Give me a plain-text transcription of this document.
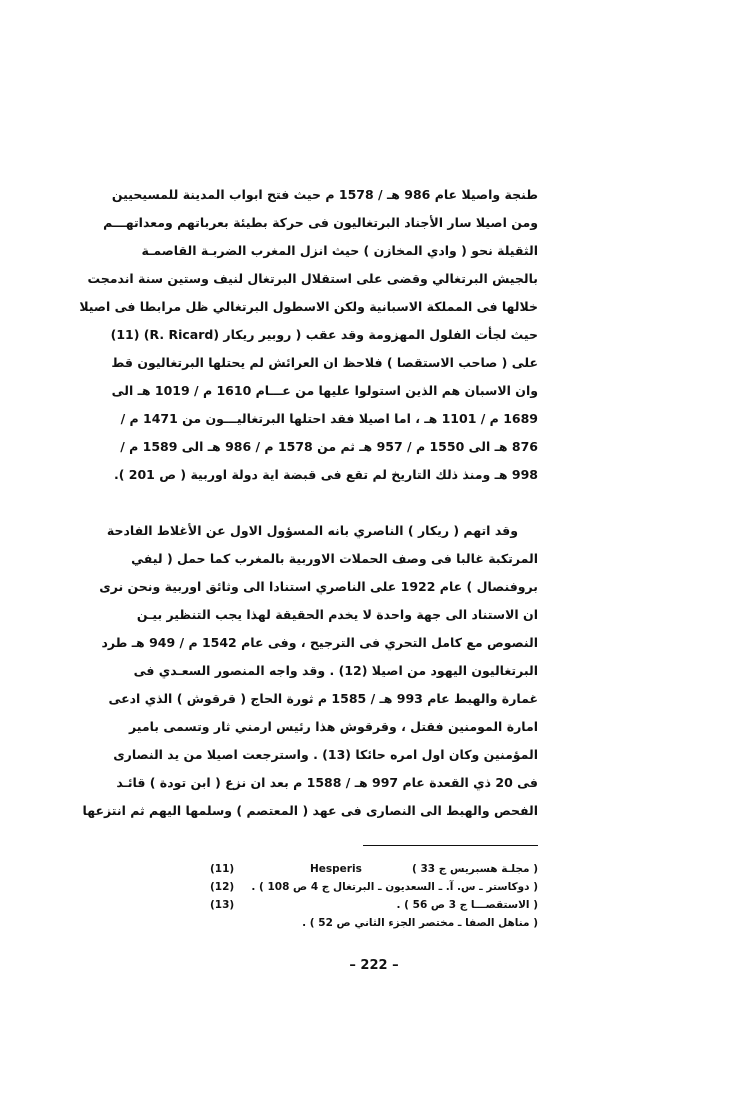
طنجة واصيلا عام 986 هـ / 1578 م حيث فتح ابواب المدينة للمسيحيين

ومن اصيلا سار الأجناد البرتغاليون فى حركة بطيئة بعرباتهم ومعداتهـــم

الثقيلة نحو ( وادي المخازن ) حيث انزل المغرب الضربـة القاصمـة

بالجيش البرتغالي وقضى على استقلال البرتغال لنيف وستين سنة اندمجت

خلالها فى المملكة الاسبانية ولكن الاسطول البرتغالي ظل مرابطا فى اصيلا

حيث لجأت الفلول المهزومة وقد عقب ( روبير ريكار (R. Ricard) (11)

على ( صاحب الاستقصا ) فلاحظ ان العرائش لم يحتلها البرتغاليون قط

وان الاسبان هم الذين استولوا عليها من عـــام 1610 م / 1019 هـ الى

1689 م / 1101 هـ ، اما اصيلا فقد احتلها البرتغاليـــون من 1471 م /

876 هـ الى 1550 م / 957 هـ ثم من 1578 م / 986 هـ الى 1589 م /

998 هـ ومنذ ذلك التاريخ لم تقع فى قبضة اية دولة اوربية ( ص 201 ).

وقد اتهم ( ريكار ) الناصري بانه المسؤول الاول عن الأغلاط الفادحة

المرتكبة غالبا فى وصف الحملات الاوربية بالمغرب كما حمل ( ليفي

بروفنصال ) عام 1922 على الناصري استنادا الى وثائق اوربية ونحن نرى

ان الاستناد الى جهة واحدة لا يخدم الحقيقة لهذا يجب التنظير بيـن

النصوص مع كامل التحري فى الترجيح ، وفى عام 1542 م / 949 هـ طرد

البرتغاليون اليهود من اصيلا (12) . وقد واجه المنصور السعـدي فى

غمارة والهبط عام 993 هـ / 1585 م ثورة الحاج ( قرقوش ) الذي ادعى

امارة المومنين فقتل ، وقرقوش هذا رئيس ارمني ثار وتسمى بامير

المؤمنين وكان اول امره حائكا (13) . واسترجعت اصيلا من يد النصارى

فى 20 ذي القعدة عام 997 هـ / 1588 م بعد ان نزع ( ابن تودة ) قائـد

الفحص والهبط الى النصارى فى عهد ( المعتصم ) وسلمها اليهم ثم انتزعها

(11)	Hesperis	( مجلـة هسبريس ج 33 )
(12)	( دوكاستر ـ س. آ. ـ السعديون ـ البرتغال ج 4 ص 108 ) .
(13)	( الاستقصـــا ج 3 ص 56 ) .
( مناهل الصفا ـ مختصر الجزء الثاني ص 52 ) .
– 222 –
